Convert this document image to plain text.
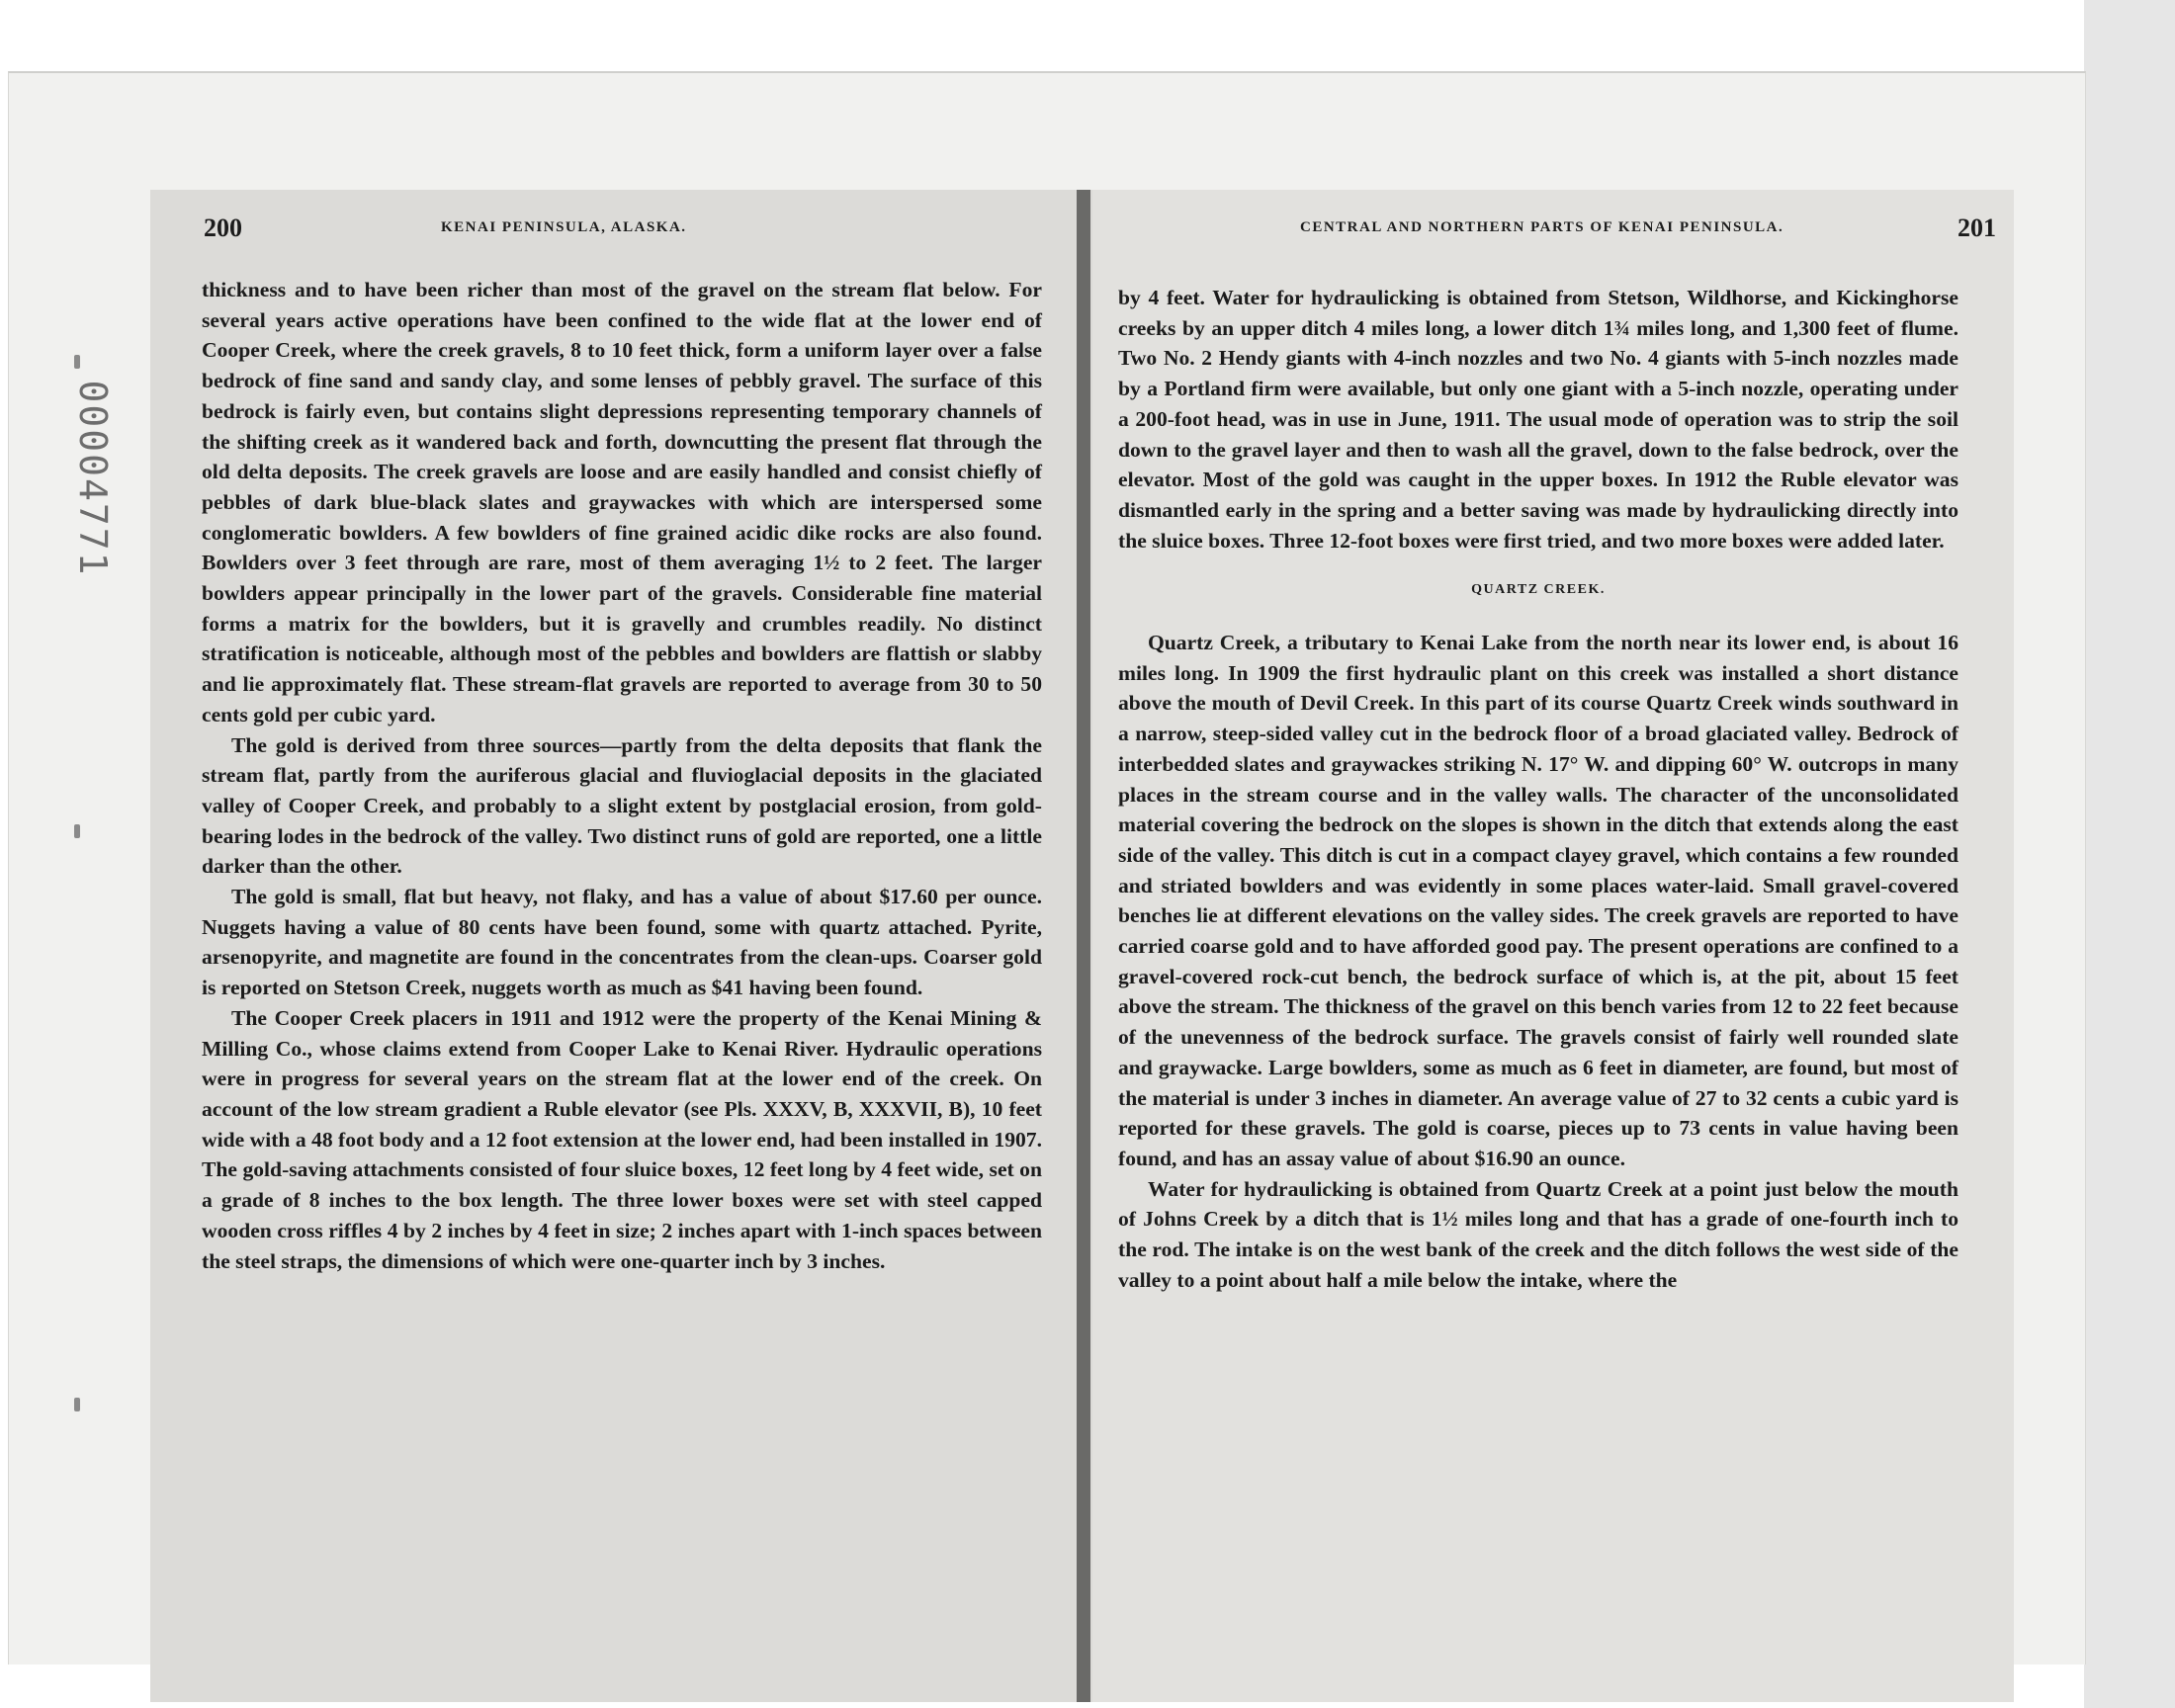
00004771
200	KENAI PENINSULA, ALASKA.

thickness and to have been richer than most of the gravel on the stream flat below. For several years active operations have been confined to the wide flat at the lower end of Cooper Creek, where the creek gravels, 8 to 10 feet thick, form a uniform layer over a false bedrock of fine sand and sandy clay, and some lenses of pebbly gravel. The surface of this bedrock is fairly even, but contains slight depressions representing temporary channels of the shifting creek as it wandered back and forth, downcutting the present flat through the old delta deposits. The creek gravels are loose and are easily handled and consist chiefly of pebbles of dark blue-black slates and graywackes with which are interspersed some conglomeratic bowlders. A few bowlders of fine grained acidic dike rocks are also found. Bowlders over 3 feet through are rare, most of them averaging 1½ to 2 feet. The larger bowlders appear principally in the lower part of the gravels. Considerable fine material forms a matrix for the bowlders, but it is gravelly and crumbles readily. No distinct stratification is noticeable, although most of the pebbles and bowlders are flattish or slabby and lie approximately flat. These stream-flat gravels are reported to average from 30 to 50 cents gold per cubic yard.

The gold is derived from three sources—partly from the delta deposits that flank the stream flat, partly from the auriferous glacial and fluvioglacial deposits in the glaciated valley of Cooper Creek, and probably to a slight extent by postglacial erosion, from gold-bearing lodes in the bedrock of the valley. Two distinct runs of gold are reported, one a little darker than the other.

The gold is small, flat but heavy, not flaky, and has a value of about $17.60 per ounce. Nuggets having a value of 80 cents have been found, some with quartz attached. Pyrite, arsenopyrite, and magnetite are found in the concentrates from the clean-ups. Coarser gold is reported on Stetson Creek, nuggets worth as much as $41 having been found.

The Cooper Creek placers in 1911 and 1912 were the property of the Kenai Mining & Milling Co., whose claims extend from Cooper Lake to Kenai River. Hydraulic operations were in progress for several years on the stream flat at the lower end of the creek. On account of the low stream gradient a Ruble elevator (see Pls. XXXV, B, XXXVII, B), 10 feet wide with a 48 foot body and a 12 foot extension at the lower end, had been installed in 1907. The gold-saving attachments consisted of four sluice boxes, 12 feet long by 4 feet wide, set on a grade of 8 inches to the box length. The three lower boxes were set with steel capped wooden cross riffles 4 by 2 inches by 4 feet in size; 2 inches apart with 1-inch spaces between the steel straps, the dimensions of which were one-quarter inch by 3 inches.

CENTRAL AND NORTHERN PARTS OF KENAI PENINSULA.	201

by 4 feet. Water for hydraulicking is obtained from Stetson, Wildhorse, and Kickinghorse creeks by an upper ditch 4 miles long, a lower ditch 1¾ miles long, and 1,300 feet of flume. Two No. 2 Hendy giants with 4-inch nozzles and two No. 4 giants with 5-inch nozzles made by a Portland firm were available, but only one giant with a 5-inch nozzle, operating under a 200-foot head, was in use in June, 1911. The usual mode of operation was to strip the soil down to the gravel layer and then to wash all the gravel, down to the false bedrock, over the elevator. Most of the gold was caught in the upper boxes. In 1912 the Ruble elevator was dismantled early in the spring and a better saving was made by hydraulicking directly into the sluice boxes. Three 12-foot boxes were first tried, and two more boxes were added later.

QUARTZ CREEK.

Quartz Creek, a tributary to Kenai Lake from the north near its lower end, is about 16 miles long. In 1909 the first hydraulic plant on this creek was installed a short distance above the mouth of Devil Creek. In this part of its course Quartz Creek winds southward in a narrow, steep-sided valley cut in the bedrock floor of a broad glaciated valley. Bedrock of interbedded slates and graywackes striking N. 17° W. and dipping 60° W. outcrops in many places in the stream course and in the valley walls. The character of the unconsolidated material covering the bedrock on the slopes is shown in the ditch that extends along the east side of the valley. This ditch is cut in a compact clayey gravel, which contains a few rounded and striated bowlders and was evidently in some places water-laid. Small gravel-covered benches lie at different elevations on the valley sides. The creek gravels are reported to have carried coarse gold and to have afforded good pay. The present operations are confined to a gravel-covered rock-cut bench, the bedrock surface of which is, at the pit, about 15 feet above the stream. The thickness of the gravel on this bench varies from 12 to 22 feet because of the unevenness of the bedrock surface. The gravels consist of fairly well rounded slate and graywacke. Large bowlders, some as much as 6 feet in diameter, are found, but most of the material is under 3 inches in diameter. An average value of 27 to 32 cents a cubic yard is reported for these gravels. The gold is coarse, pieces up to 73 cents in value having been found, and has an assay value of about $16.90 an ounce.

Water for hydraulicking is obtained from Quartz Creek at a point just below the mouth of Johns Creek by a ditch that is 1½ miles long and that has a grade of one-fourth inch to the rod. The intake is on the west bank of the creek and the ditch follows the west side of the valley to a point about half a mile below the intake, where the
